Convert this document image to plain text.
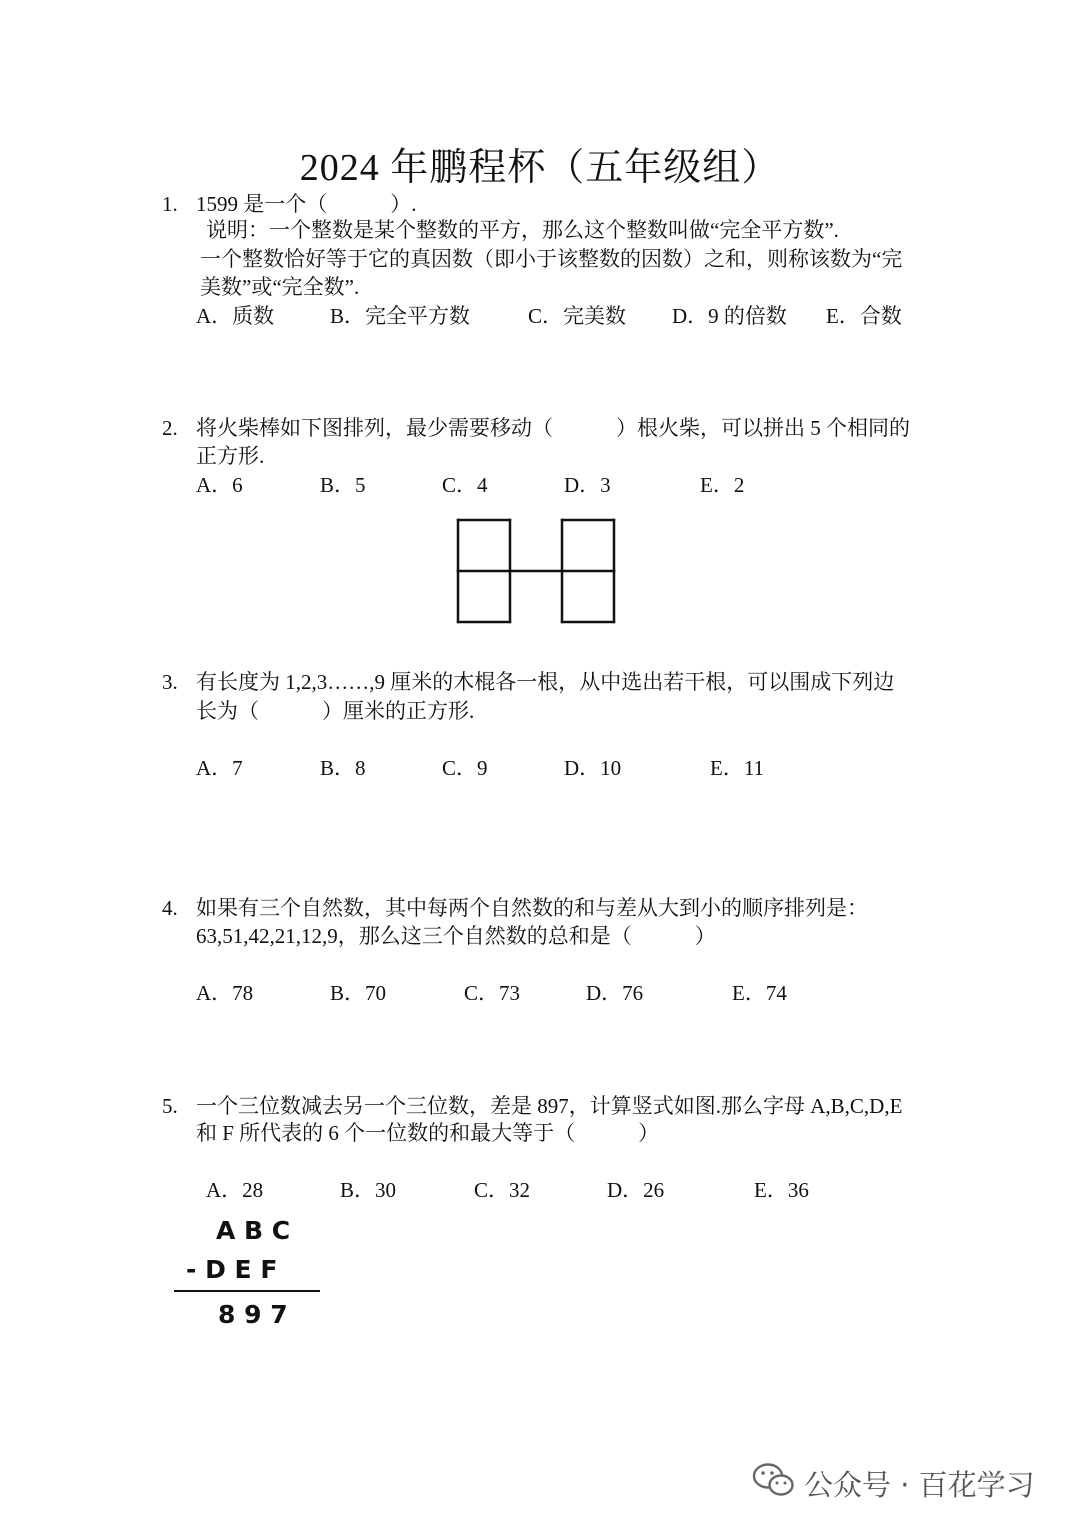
2024 年鹏程杯（五年级组）
1. 1599 是一个（　　　）.
说明：一个整数是某个整数的平方，那么这个整数叫做“完全平方数”.
一个整数恰好等于它的真因数（即小于该整数的因数）之和，则称该数为“完
美数”或“完全数”.
A．质数	B．完全平方数	C．完美数 D．9 的倍数 E．合数
2. 将火柴棒如下图排列，最少需要移动（　　　）根火柴，可以拼出 5 个相同的
正方形.
A．6	B．5	C．4	D．3	E．2
3. 有长度为 1,2,3……,9 厘米的木棍各一根，从中选出若干根，可以围成下列边
长为（　　　）厘米的正方形.
A．7	B．8	C．9	D．10	E．11
4. 如果有三个自然数，其中每两个自然数的和与差从大到小的顺序排列是：
63,51,42,21,12,9，那么这三个自然数的总和是（　　　）
A．78	B．70	C．73	D．76	E．74
5. 一个三位数减去另一个三位数，差是 897，计算竖式如图.那么字母 A,B,C,D,E
和 F 所代表的 6 个一位数的和最大等于（　　　）
A．28	B．30	C．32	D．26	E．36
A B C
- D E F
8 9 7
公众号 · 百花学习
